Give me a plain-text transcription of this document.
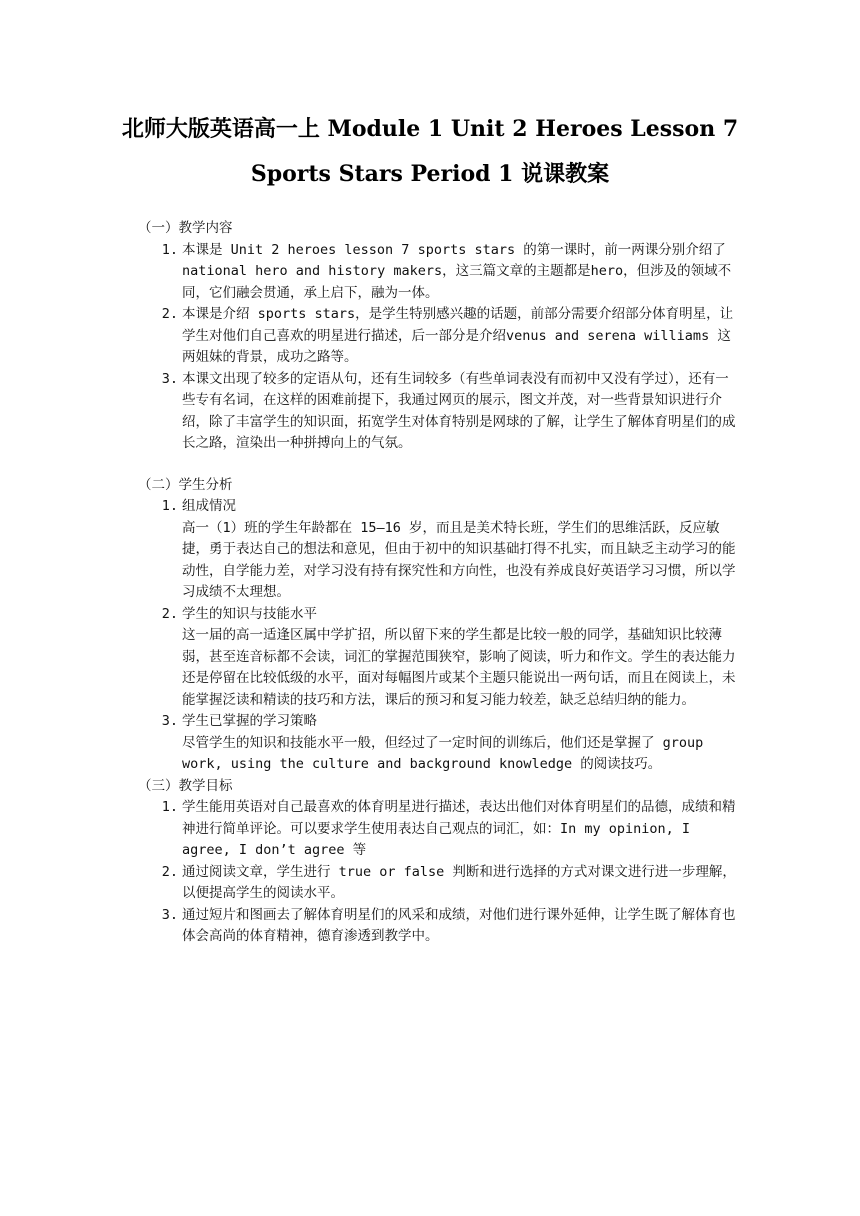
北师大版英语高一上 Module 1 Unit 2 Heroes Lesson 7
Sports Stars Period 1 说课教案
（一）教学内容
1. 本课是 Unit 2 heroes lesson 7 sports stars 的第一课时，前一两课分别介绍了 national hero and history makers，这三篇文章的主题都是hero，但涉及的领域不同，它们融会贯通，承上启下，融为一体。
2. 本课是介绍 sports stars，是学生特别感兴趣的话题，前部分需要介绍部分体育明星，让学生对他们自己喜欢的明星进行描述，后一部分是介绍venus and serena williams 这两姐妹的背景，成功之路等。
3. 本课文出现了较多的定语从句，还有生词较多（有些单词表没有而初中又没有学过），还有一些专有名词，在这样的困难前提下，我通过网页的展示，图文并茂，对一些背景知识进行介绍，除了丰富学生的知识面，拓宽学生对体育特别是网球的了解，让学生了解体育明星们的成长之路，渲染出一种拼搏向上的气氛。
（二）学生分析
1. 组成情况
高一（1）班的学生年龄都在 15—16 岁，而且是美术特长班，学生们的思维活跃，反应敏捷，勇于表达自己的想法和意见，但由于初中的知识基础打得不扎实，而且缺乏主动学习的能动性，自学能力差，对学习没有持有探究性和方向性，也没有养成良好英语学习习惯，所以学习成绩不太理想。
2. 学生的知识与技能水平
这一届的高一适逢区属中学扩招，所以留下来的学生都是比较一般的同学，基础知识比较薄弱，甚至连音标都不会读，词汇的掌握范围狭窄，影响了阅读，听力和作文。学生的表达能力还是停留在比较低级的水平，面对每幅图片或某个主题只能说出一两句话，而且在阅读上，未能掌握泛读和精读的技巧和方法，课后的预习和复习能力较差，缺乏总结归纳的能力。
3. 学生已掌握的学习策略
尽管学生的知识和技能水平一般，但经过了一定时间的训练后，他们还是掌握了 group work, using the culture and background knowledge 的阅读技巧。
（三）教学目标
1. 学生能用英语对自己最喜欢的体育明星进行描述，表达出他们对体育明星们的品德，成绩和精神进行简单评论。可以要求学生使用表达自己观点的词汇，如：In my opinion, I agree, I don’t agree 等
2. 通过阅读文章，学生进行 true or false 判断和进行选择的方式对课文进行进一步理解，以便提高学生的阅读水平。
3. 通过短片和图画去了解体育明星们的风采和成绩，对他们进行课外延伸，让学生既了解体育也体会高尚的体育精神，德育渗透到教学中。
